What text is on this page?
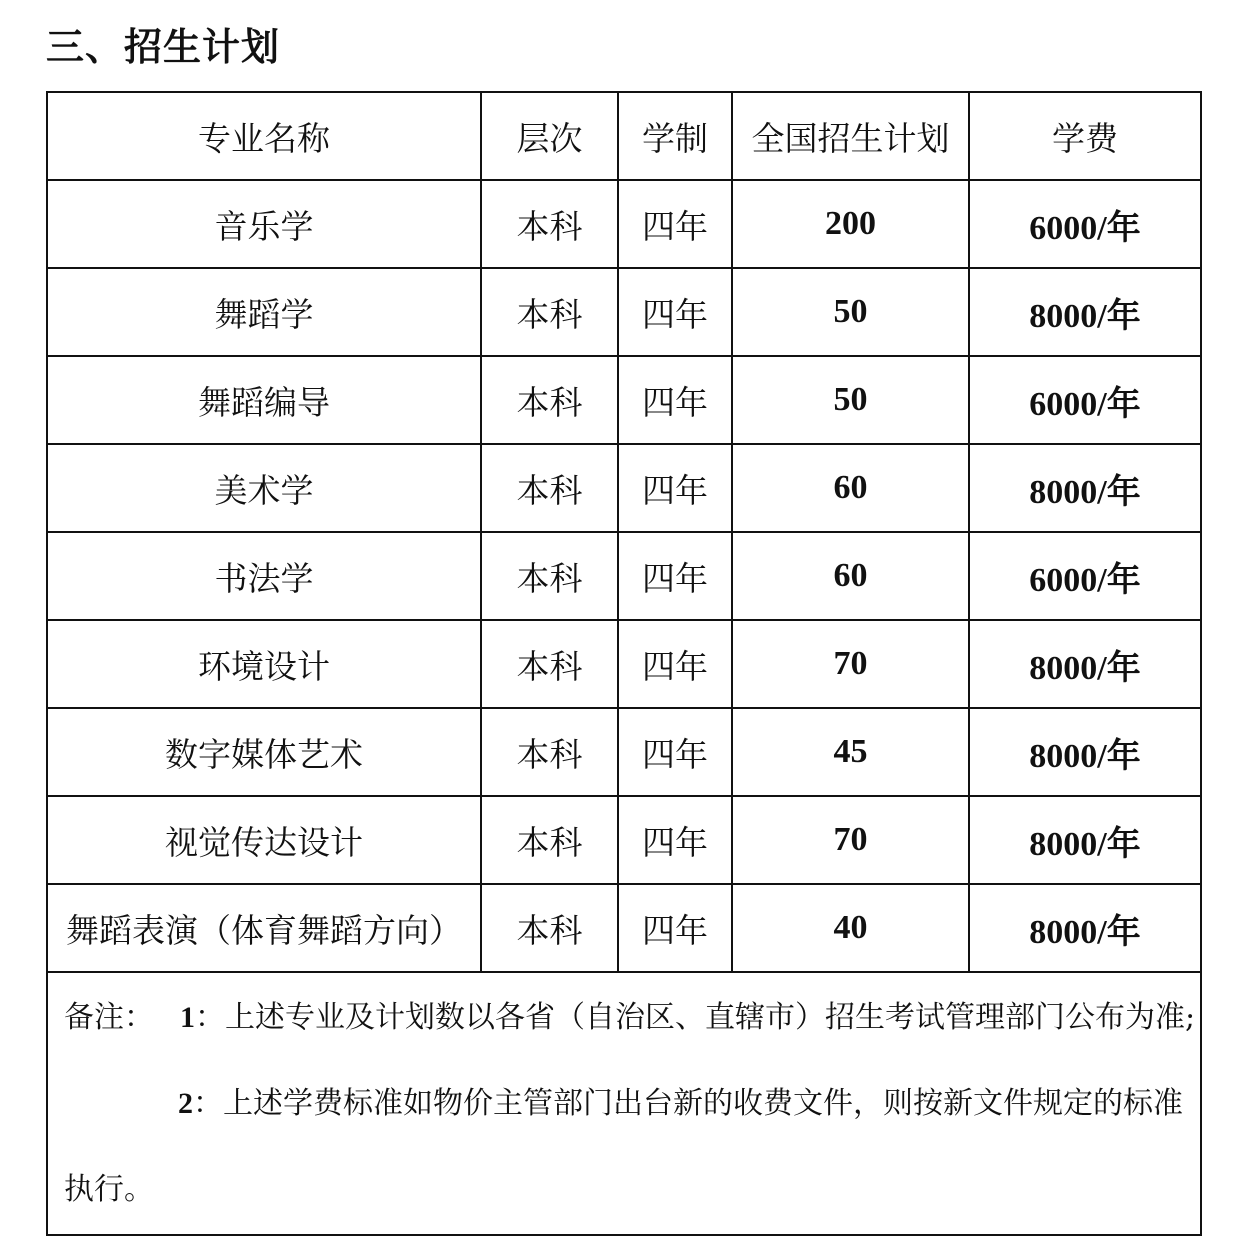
三、招生计划
专业名称	层次	学制	全国招生计划	学费
音乐学	本科	四年	200	6000/年
舞蹈学	本科	四年	50	8000/年
舞蹈编导	本科	四年	50	6000/年
美术学	本科	四年	60	8000/年
书法学	本科	四年	60	6000/年
环境设计	本科	四年	70	8000/年
数字媒体艺术	本科	四年	45	8000/年
视觉传达设计	本科	四年	70	8000/年
舞蹈表演（体育舞蹈方向）	本科	四年	40	8000/年

备注： 1：上述专业及计划数以各省（自治区、直辖市）招生考试管理部门公布为准;
2：上述学费标准如物价主管部门出台新的收费文件，则按新文件规定的标准
执行。				
